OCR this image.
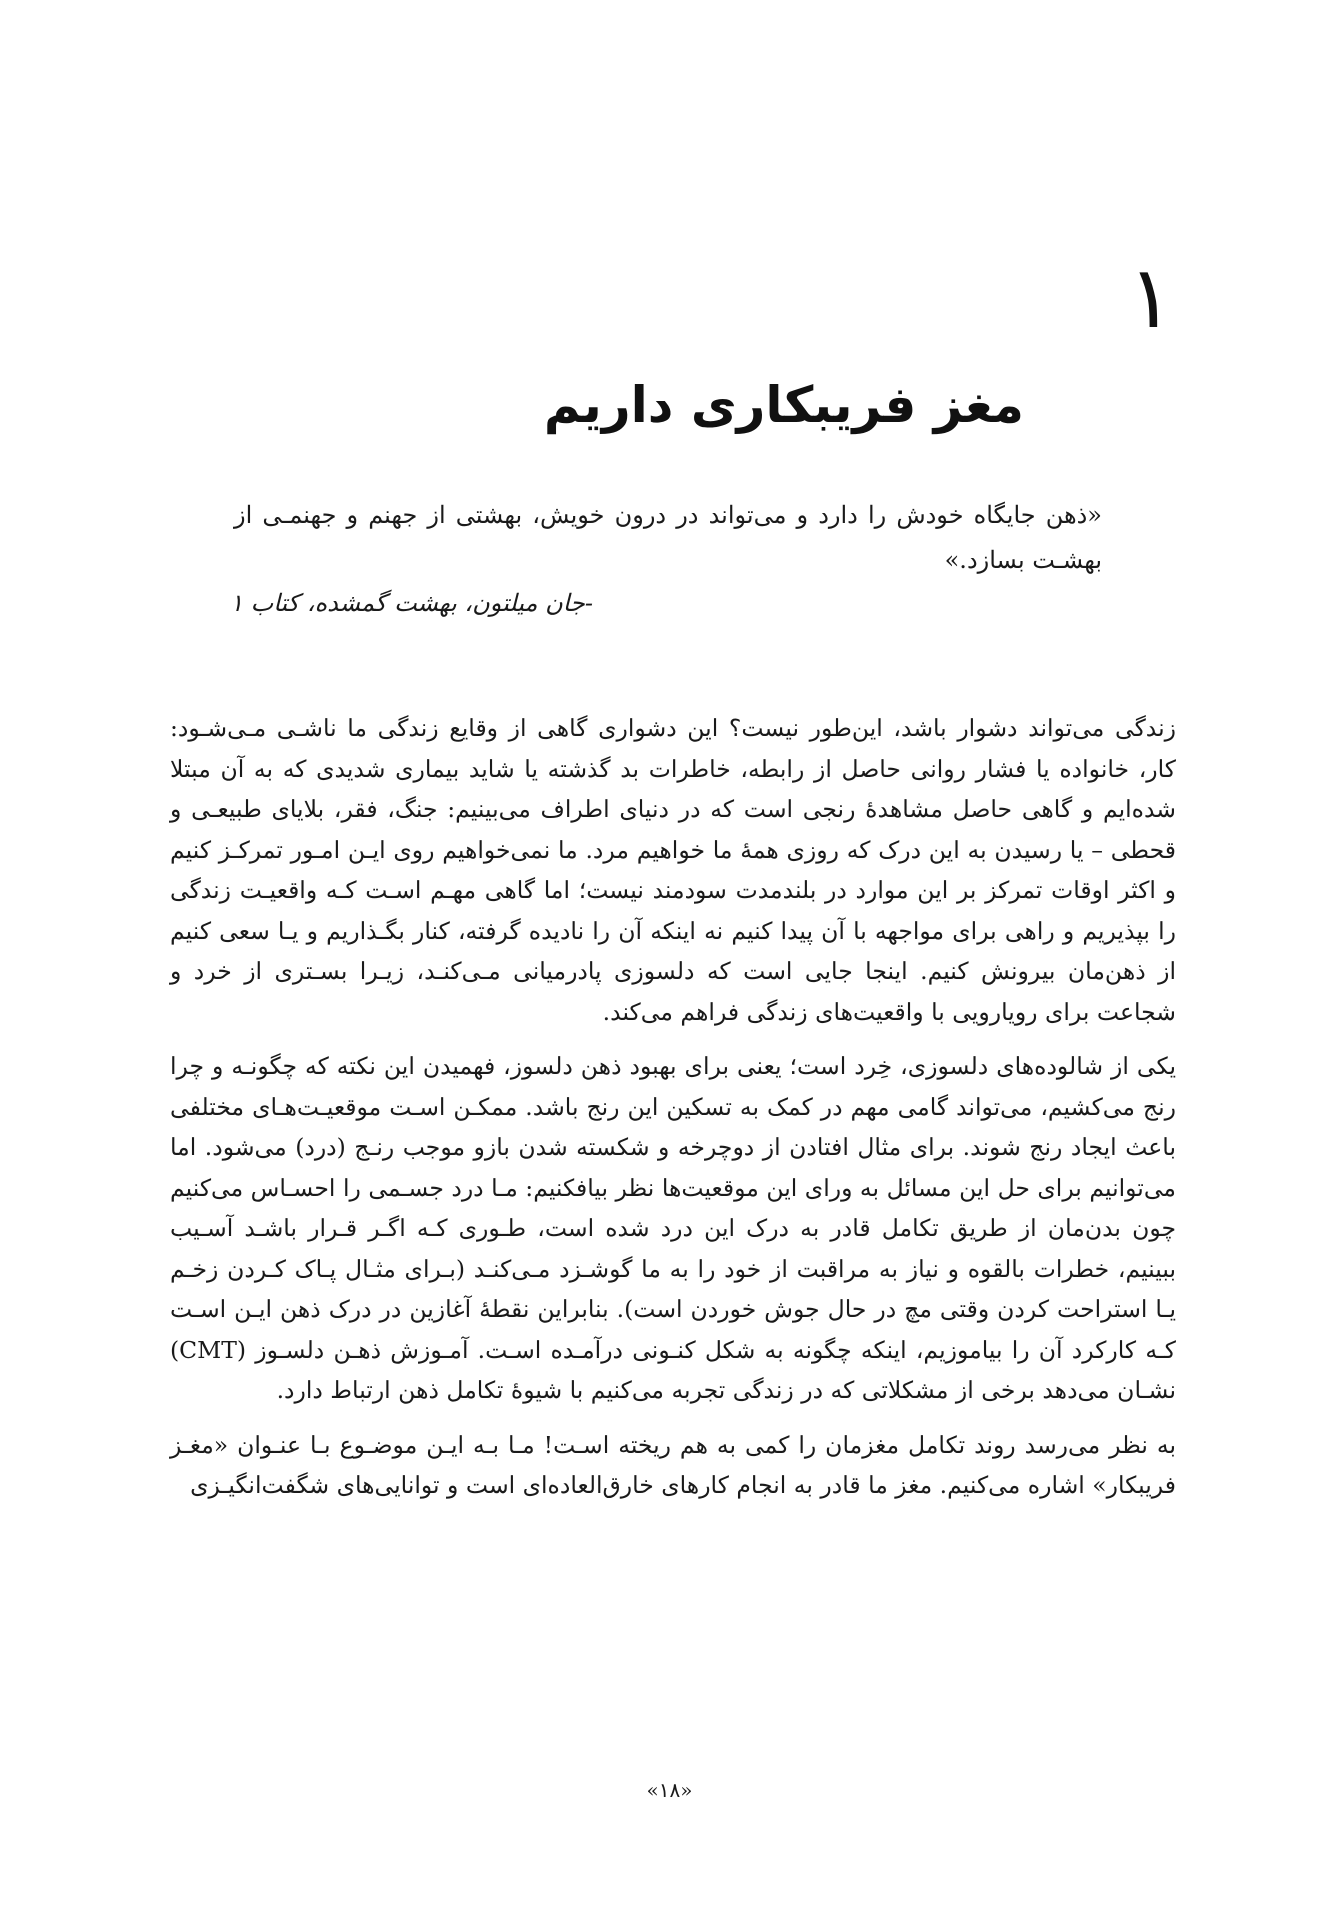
۱
مغز فریبکاری داریم
«ذهن جایگاه خودش را دارد و می‌تواند در درون خویش، بهشتی از جهنم و جهنمـی از بهشـت بسازد.»
-جان میلتون، بهشت گمشده، کتاب ۱

زندگی می‌تواند دشوار باشد، این‌طور نیست؟ این دشواری گاهی از وقایع زندگی ما ناشـی مـی‌شـود: کار، خانواده یا فشار روانی حاصل از رابطه، خاطرات بد گذشته یا شاید بیماری شدیدی که به آن مبتلا شده‌ایم و گاهی حاصل مشاهدهٔ رنجی است که در دنیای اطراف می‌بینیم: جنگ، فقر، بلایای طبیعـی و قحطی – یا رسیدن به این درک که روزی همهٔ ما خواهیم مرد. ما نمی‌خواهیم روی ایـن امـور تمرکـز کنیم و اکثر اوقات تمرکز بر این موارد در بلندمدت سودمند نیست؛ اما گاهی مهـم اسـت کـه واقعیـت زندگی را بپذیریم و راهی برای مواجهه با آن پیدا کنیم نه اینکه آن را نادیده گرفته، کنار بگـذاریم و یـا سعی کنیم از ذهن‌مان بیرونش کنیم. اینجا جایی است که دلسوزی پادرمیانی مـی‌کنـد، زیـرا بسـتری از خرد و شجاعت برای رویارویی با واقعیت‌های زندگی فراهم می‌کند.

یکی از شالوده‌های دلسوزی، خِرد است؛ یعنی برای بهبود ذهن دلسوز، فهمیدن این نکته که چگونـه و چرا رنج می‌کشیم، می‌تواند گامی مهم در کمک به تسکین این رنج باشد. ممکـن اسـت موقعیـت‌هـای مختلفی باعث ایجاد رنج شوند. برای مثال افتادن از دوچرخه و شکسته شدن بازو موجب رنـج (درد) می‌شود. اما می‌توانیم برای حل این مسائل به ورای این موقعیت‌ها نظر بیافکنیم: مـا درد جسـمی را احسـاس می‌کنیم چون بدن‌مان از طریق تکامل قادر به درک این درد شده است، طـوری کـه اگـر قـرار باشـد آسـیب ببینیم، خطرات بالقوه و نیاز به مراقبت از خود را به ما گوشـزد مـی‌کنـد (بـرای مثـال پـاک کـردن زخـم یـا استراحت کردن وقتی مچ در حال جوش خوردن است). بنابراین نقطهٔ آغازین در درک ذهن ایـن اسـت کـه کارکرد آن را بیاموزیم، اینکه چگونه به شکل کنـونی درآمـده اسـت. آمـوزش ذهـن دلسـوز (CMT) نشـان می‌دهد برخی از مشکلاتی که در زندگی تجربه می‌کنیم با شیوهٔ تکامل ذهن ارتباط دارد.

به نظر می‌رسد روند تکامل مغزمان را کمی به هم ریخته اسـت! مـا بـه ایـن موضـوع بـا عنـوان «مغـز فریبکار» اشاره می‌کنیم. مغز ما قادر به انجام کارهای خارق‌العاده‌ای است و توانایی‌های شگفت‌انگیـزی

«۱۸»
